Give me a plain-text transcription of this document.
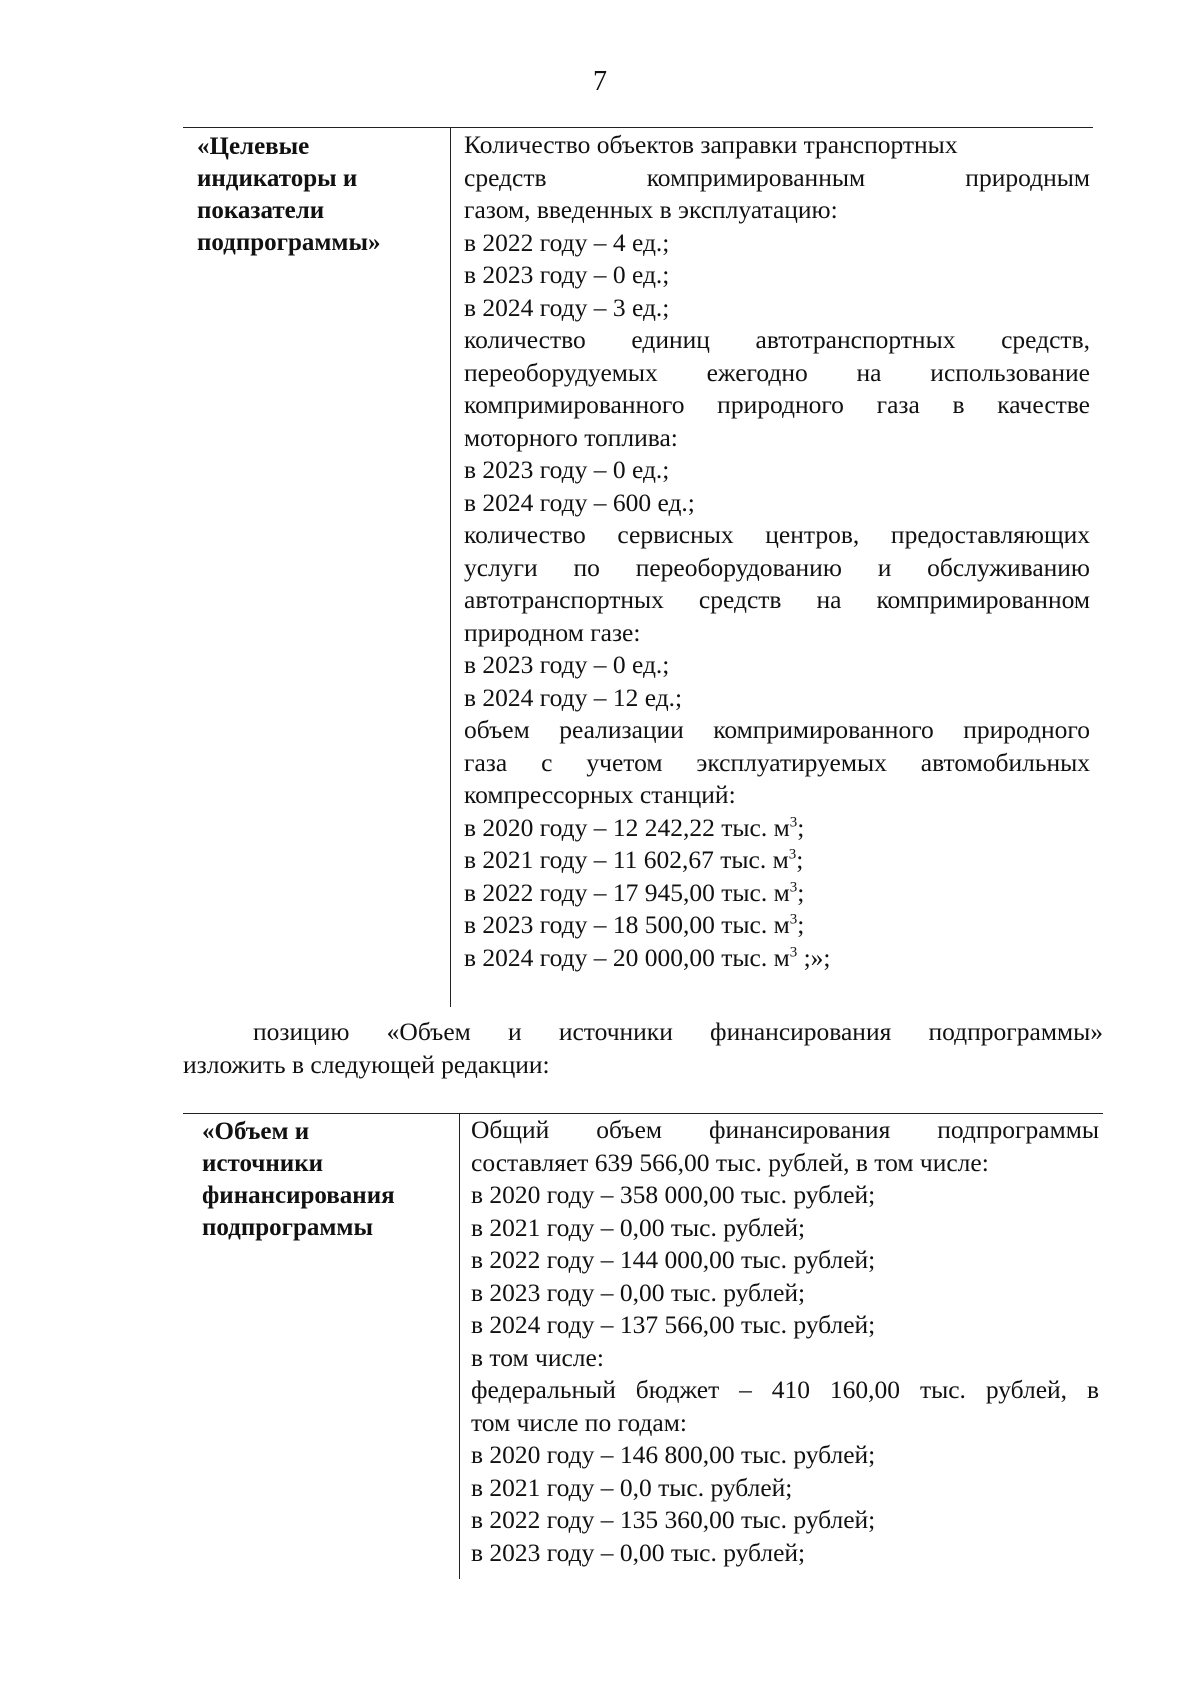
7
«Целевые
индикаторы и
показатели
подпрограммы»
Количество объектов заправки транспортных
средств компримированным природным
газом, введенных в эксплуатацию:
в 2022 году – 4 ед.;
в 2023 году – 0 ед.;
в 2024 году – 3 ед.;
количество единиц автотранспортных средств,
переоборудуемых ежегодно на использование
компримированного природного газа в качестве
моторного топлива:
в 2023 году – 0 ед.;
в 2024 году – 600 ед.;
количество сервисных центров, предоставляющих
услуги по переоборудованию и обслуживанию
автотранспортных средств на компримированном
природном газе:
в 2023 году – 0 ед.;
в 2024 году – 12 ед.;
объем реализации компримированного природного
газа с учетом эксплуатируемых автомобильных
компрессорных станций:
в 2020 году – 12 242,22 тыс. $м^3$;
в 2021 году – 11 602,67 тыс. $м^3$;
в 2022 году – 17 945,00 тыс. $м^3$;
в 2023 году – 18 500,00 тыс. $м^3$;
в 2024 году – 20 000,00 тыс. $м^3$ ;»;
позицию «Объем и источники финансирования подпрограммы»
изложить в следующей редакции:
«Объем и
источники
финансирования
подпрограммы
Общий объем финансирования подпрограммы
составляет 639 566,00 тыс. рублей, в том числе:
в 2020 году – 358 000,00 тыс. рублей;
в 2021 году – 0,00 тыс. рублей;
в 2022 году – 144 000,00 тыс. рублей;
в 2023 году – 0,00 тыс. рублей;
в 2024 году – 137 566,00 тыс. рублей;
в том числе:
федеральный бюджет – 410 160,00 тыс. рублей, в
том числе по годам:
в 2020 году – 146 800,00 тыс. рублей;
в 2021 году – 0,0 тыс. рублей;
в 2022 году – 135 360,00 тыс. рублей;
в 2023 году – 0,00 тыс. рублей;
